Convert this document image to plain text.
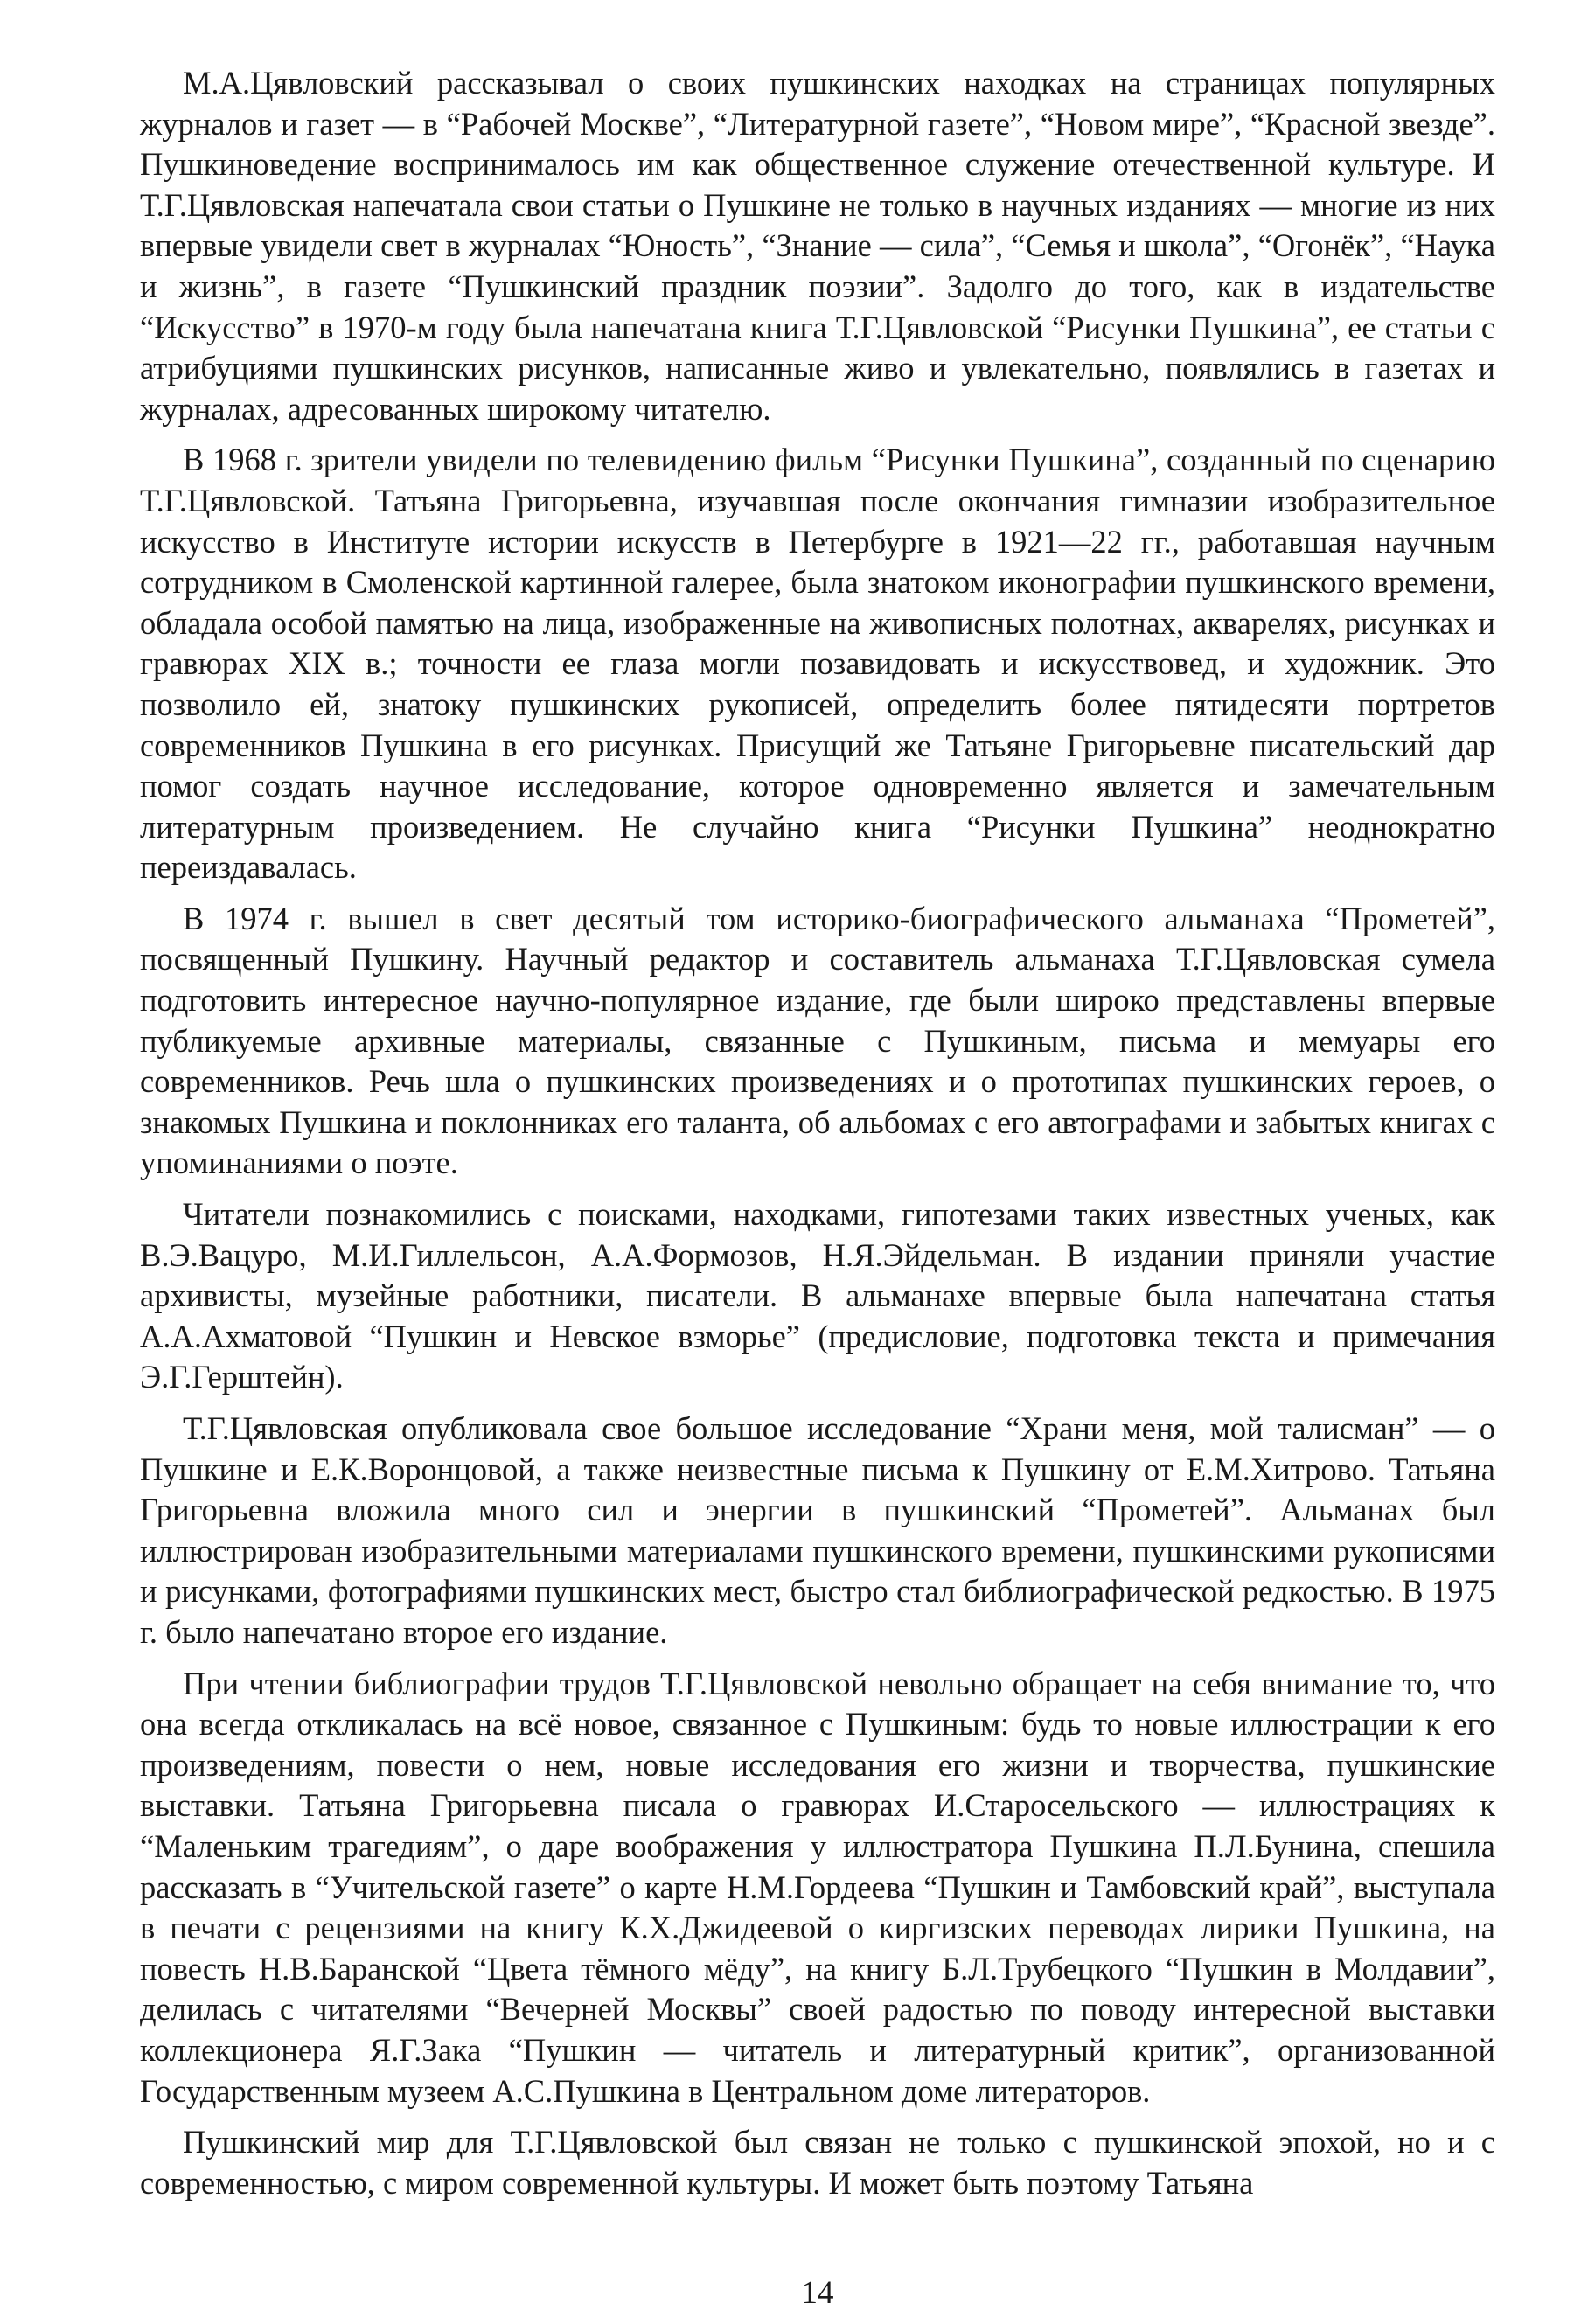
М.А.Цявловский рассказывал о своих пушкинских находках на страницах популярных журналов и газет — в “Рабочей Москве”, “Литературной газете”, “Новом мире”, “Красной звезде”. Пушкиноведение воспринималось им как общественное служение отечественной культуре. И Т.Г.Цявловская напечатала свои статьи о Пушкине не только в научных изданиях — многие из них впервые увидели свет в журналах “Юность”, “Знание — сила”, “Семья и школа”, “Огонёк”, “Наука и жизнь”, в газете “Пушкинский праздник поэзии”. Задолго до того, как в издательстве “Искусство” в 1970-м году была напечатана книга Т.Г.Цявловской “Рисунки Пушкина”, ее статьи с атрибуциями пушкинских рисунков, написанные живо и увлекательно, появлялись в газетах и журналах, адресованных широкому читателю.

В 1968 г. зрители увидели по телевидению фильм “Рисунки Пушкина”, созданный по сценарию Т.Г.Цявловской. Татьяна Григорьевна, изучавшая после окончания гимназии изобразительное искусство в Институте истории искусств в Петербурге в 1921—22 гг., работавшая научным сотрудником в Смоленской картинной галерее, была знатоком иконографии пушкинского времени, обладала особой памятью на лица, изображенные на живописных полотнах, акварелях, рисунках и гравюрах XIX в.; точности ее глаза могли позавидовать и искусствовед, и художник. Это позволило ей, знатоку пушкинских рукописей, определить более пятидесяти портретов современников Пушкина в его рисунках. Присущий же Татьяне Григорьевне писательский дар помог создать научное исследование, которое одновременно является и замечательным литературным произведением. Не случайно книга “Рисунки Пушкина” неоднократно переиздавалась.

В 1974 г. вышел в свет десятый том историко-биографического альманаха “Прометей”, посвященный Пушкину. Научный редактор и составитель альманаха Т.Г.Цявловская сумела подготовить интересное научно-популярное издание, где были широко представлены впервые публикуемые архивные материалы, связанные с Пушкиным, письма и мемуары его современников. Речь шла о пушкинских произведениях и о прототипах пушкинских героев, о знакомых Пушкина и поклонниках его таланта, об альбомах с его автографами и забытых книгах с упоминаниями о поэте.

Читатели познакомились с поисками, находками, гипотезами таких известных ученых, как В.Э.Вацуро, М.И.Гиллельсон, А.А.Формозов, Н.Я.Эйдельман. В издании приняли участие архивисты, музейные работники, писатели. В альманахе впервые была напечатана статья А.А.Ахматовой “Пушкин и Невское взморье” (предисловие, подготовка текста и примечания Э.Г.Герштейн).

Т.Г.Цявловская опубликовала свое большое исследование “Храни меня, мой талисман” — о Пушкине и Е.К.Воронцовой, а также неизвестные письма к Пушкину от Е.М.Хитрово. Татьяна Григорьевна вложила много сил и энергии в пушкинский “Прометей”. Альманах был иллюстрирован изобразительными материалами пушкинского времени, пушкинскими рукописями и рисунками, фотографиями пушкинских мест, быстро стал библиографической редкостью. В 1975 г. было напечатано второе его издание.

При чтении библиографии трудов Т.Г.Цявловской невольно обращает на себя внимание то, что она всегда откликалась на всё новое, связанное с Пушкиным: будь то новые иллюстрации к его произведениям, повести о нем, новые исследования его жизни и творчества, пушкинские выставки. Татьяна Григорьевна писала о гравюрах И.Старосельского — иллюстрациях к “Маленьким трагедиям”, о даре воображения у иллюстратора Пушкина П.Л.Бунина, спешила рассказать в “Учительской газете” о карте Н.М.Гордеева “Пушкин и Тамбовский край”, выступала в печати с рецензиями на книгу К.Х.Джидеевой о киргизских переводах лирики Пушкина, на повесть Н.В.Баранской “Цвета тёмного мёду”, на книгу Б.Л.Трубецкого “Пушкин в Молдавии”, делилась с читателями “Вечерней Москвы” своей радостью по поводу интересной выставки коллекционера Я.Г.Зака “Пушкин — читатель и литературный критик”, организованной Государственным музеем А.С.Пушкина в Центральном доме литераторов.

Пушкинский мир для Т.Г.Цявловской был связан не только с пушкинской эпохой, но и с современностью, с миром современной культуры. И может быть поэтому Татьяна

14
